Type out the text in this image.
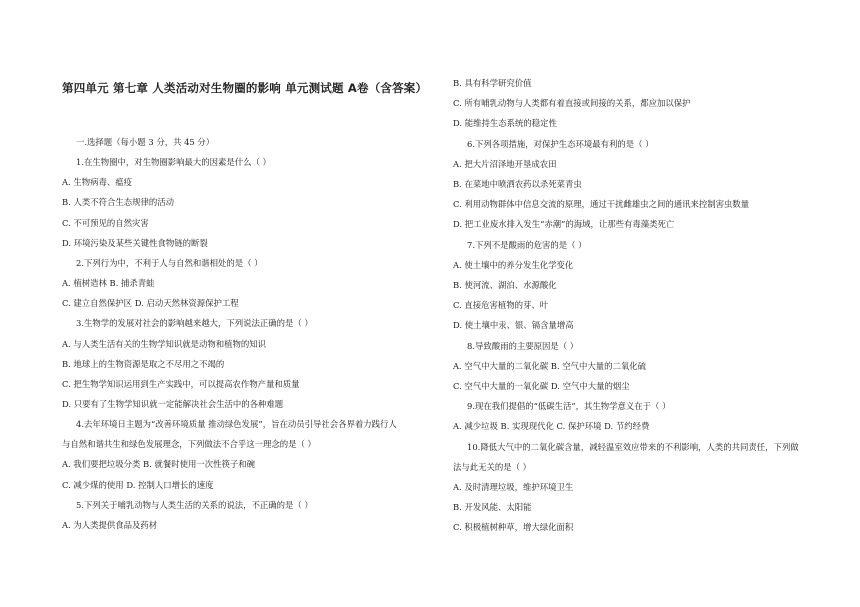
第四单元 第七章 人类活动对生物圈的影响 单元测试题 A卷（含答案）
一.选择题（每小题 3 分，共 45 分）
1.在生物圈中，对生物圈影响最大的因素是什么（ ）
A. 生物病毒、瘟疫
B. 人类不符合生态规律的活动
C. 不可预见的自然灾害
D. 环境污染及某些关键性食物链的断裂
2.下列行为中，不利于人与自然和谐相处的是（ ）
A. 植树造林 B. 捕杀青蛙
C. 建立自然保护区 D. 启动天然林资源保护工程
3.生物学的发展对社会的影响越来越大，下列说法正确的是（ ）
A. 与人类生活有关的生物学知识就是动物和植物的知识
B. 地球上的生物资源是取之不尽用之不竭的
C. 把生物学知识运用到生产实践中，可以提高农作物产量和质量
D. 只要有了生物学知识就一定能解决社会生活中的各种难题
4.去年环境日主题为“改善环境质量 推动绿色发展”，旨在动员引导社会各界着力践行人
与自然和谐共生和绿色发展理念，下列做法不合乎这一理念的是（ ）
A. 我们要把垃圾分类 B. 就餐时使用一次性筷子和碗
C. 减少煤的使用 D. 控制人口增长的速度
5.下列关于哺乳动物与人类生活的关系的说法，不正确的是（ ）
A. 为人类提供食品及药材
B. 具有科学研究价值
C. 所有哺乳动物与人类都有着直接或间接的关系，都应加以保护
D. 能维持生态系统的稳定性
6.下列各项措施，对保护生态环境最有利的是（ ）
A. 把大片沼泽地开垦成农田
B. 在菜地中喷洒农药以杀死菜青虫
C. 利用动物群体中信息交流的原理，通过干扰雌雄虫之间的通讯来控制害虫数量
D. 把工业废水排入发生“赤潮”的海域，让那些有毒藻类死亡
7.下列不是酸雨的危害的是（ ）
A. 使土壤中的养分发生化学变化
B. 使河流、湖泊、水源酸化
C. 直接危害植物的芽、叶
D. 使土壤中汞、银、镉含量增高
8.导致酸雨的主要原因是（ ）
A. 空气中大量的二氧化碳 B. 空气中大量的二氧化硫
C. 空气中大量的一氧化碳 D. 空气中大量的烟尘
9.现在我们提倡的“低碳生活”，其生物学意义在于（ ）
A. 减少垃圾 B. 实现现代化 C. 保护环境 D. 节约经费
10.降低大气中的二氧化碳含量，减轻温室效应带来的不利影响，人类的共同责任，下列做
法与此无关的是（ ）
A. 及时清理垃圾，维护环境卫生
B. 开发风能、太阳能
C. 积极植树种草，增大绿化面积
